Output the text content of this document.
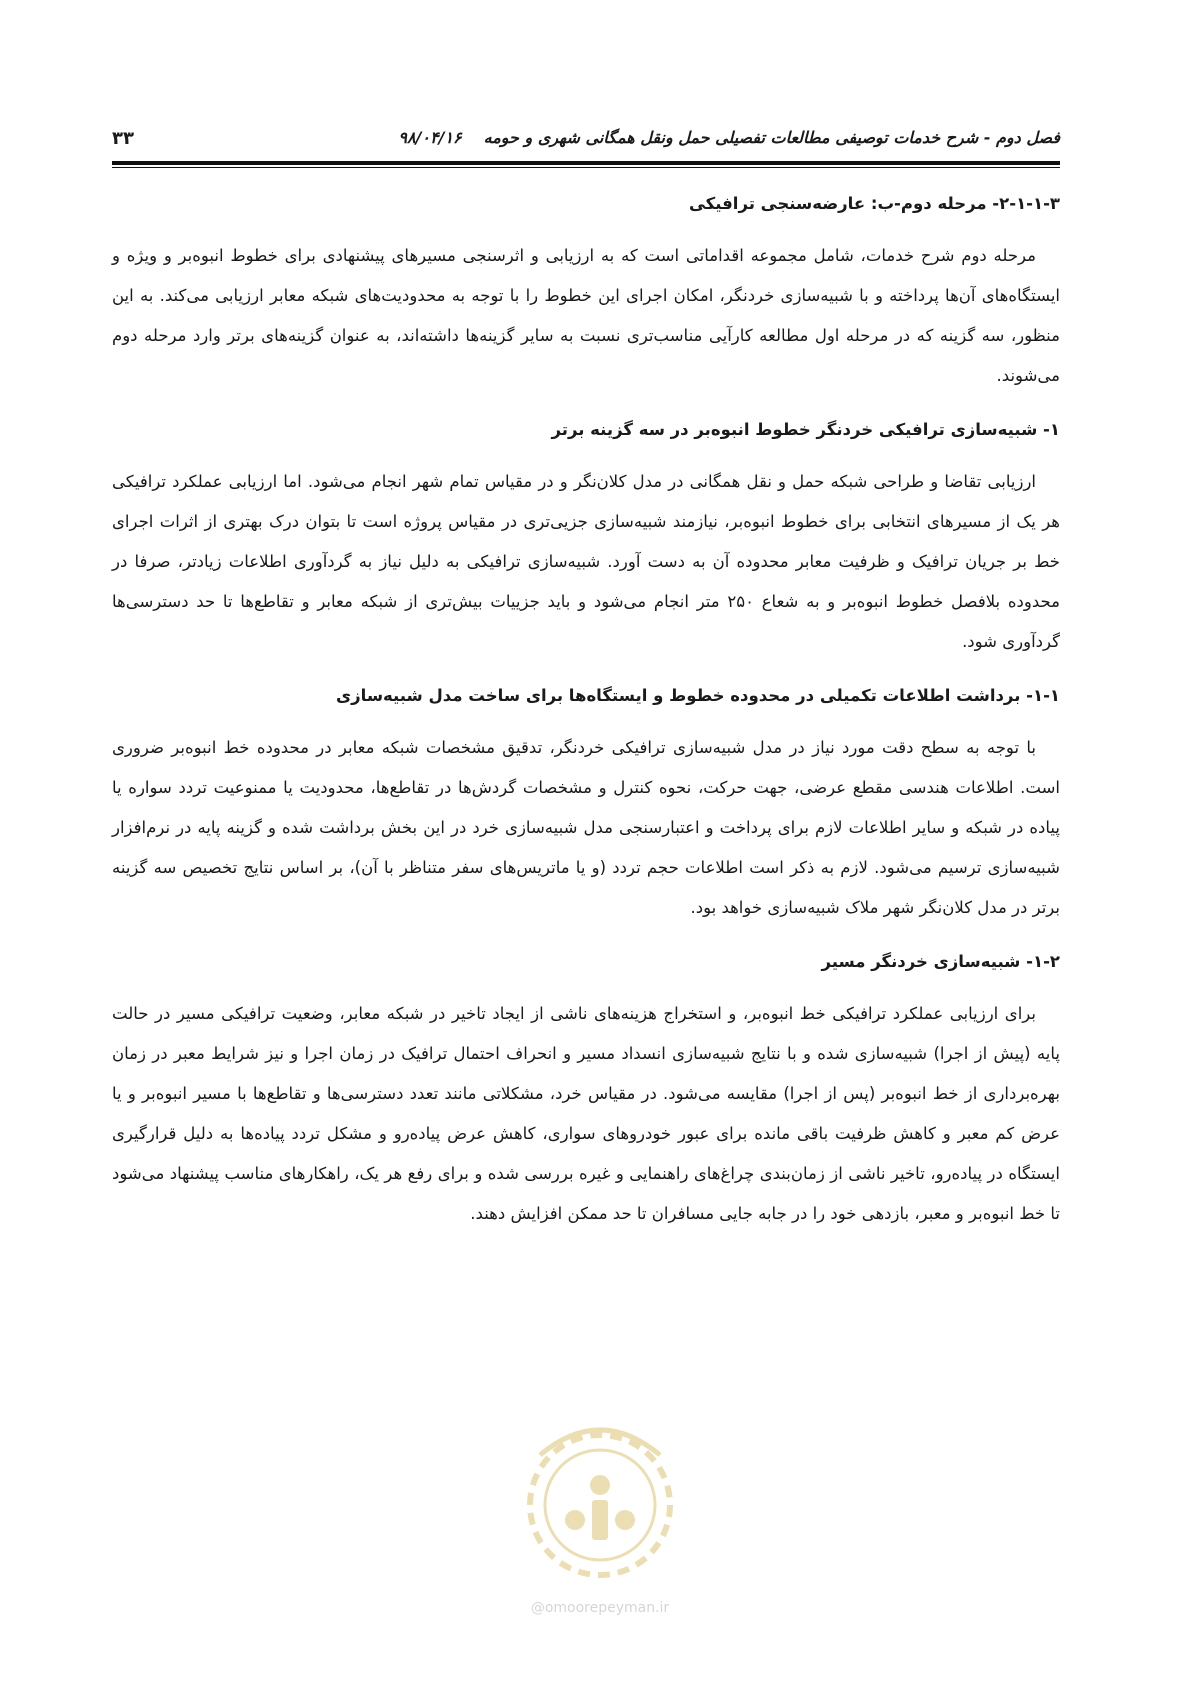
فصل دوم - شرح خدمات توصیفی مطالعات تفصیلی حمل ونقل همگانی شهری و حومه۹۸/۰۴/۱۶
۳۳
۲-۱-۱-۳- مرحله دوم-ب: عارضه‌سنجی ترافیکی

مرحله دوم شرح خدمات، شامل مجموعه اقداماتی است که به ارزیابی و اثرسنجی مسیرهای پیشنهادی برای خطوط انبوه‌بر و ویژه و ایستگاه‌های آن‌ها پرداخته و با شبیه‌سازی خردنگر، امکان اجرای این خطوط را با توجه به محدودیت‌های شبکه معابر ارزیابی می‌کند. به این منظور، سه گزینه که در مرحله اول مطالعه کارآیی مناسب‌تری نسبت به سایر گزینه‌ها داشته‌اند، به عنوان گزینه‌های برتر وارد مرحله دوم می‌شوند.

۱- شبیه‌سازی ترافیکی خردنگر خطوط انبوه‌بر در سه گزینه برتر

ارزیابی تقاضا و طراحی شبکه حمل و نقل همگانی در مدل کلان‌نگر و در مقیاس تمام شهر انجام می‌شود. اما ارزیابی عملکرد ترافیکی هر یک از مسیرهای انتخابی برای خطوط انبوه‌بر، نیازمند شبیه‌سازی جزیی‌تری در مقیاس پروژه است تا بتوان درک بهتری از اثرات اجرای خط بر جریان ترافیک و ظرفیت معابر محدوده آن به دست آورد. شبیه‌سازی ترافیکی به دلیل نیاز به گردآوری اطلاعات زیادتر، صرفا در محدوده بلافصل خطوط انبوه‌بر و به شعاع ۲۵۰ متر انجام می‌شود و باید جزییات بیش‌تری از شبکه معابر و تقاطع‌ها تا حد دسترسی‌ها گردآوری شود.

۱-۱- برداشت اطلاعات تکمیلی در محدوده خطوط و ایستگاه‌ها برای ساخت مدل شبیه‌سازی

با توجه به سطح دقت مورد نیاز در مدل شبیه‌سازی ترافیکی خردنگر، تدقیق مشخصات شبکه معابر در محدوده خط انبوه‌بر ضروری است. اطلاعات هندسی مقطع عرضی، جهت حرکت، نحوه کنترل و مشخصات گردش‌ها در تقاطع‌ها، محدودیت یا ممنوعیت تردد سواره یا پیاده در شبکه و سایر اطلاعات لازم برای پرداخت و اعتبارسنجی مدل شبیه‌سازی خرد در این بخش برداشت شده و گزینه پایه در نرم‌افزار شبیه‌سازی ترسیم می‌شود. لازم به ذکر است اطلاعات حجم تردد (و یا ماتریس‌های سفر متناظر با آن)، بر اساس نتایج تخصیص سه گزینه برتر در مدل کلان‌نگر شهر ملاک شبیه‌سازی خواهد بود.

۱-۲- شبیه‌سازی خردنگر مسیر

برای ارزیابی عملکرد ترافیکی خط انبوه‌بر، و استخراج هزینه‌های ناشی از ایجاد تاخیر در شبکه معابر، وضعیت ترافیکی مسیر در حالت پایه (پیش از اجرا) شبیه‌سازی شده و با نتایج شبیه‌سازی انسداد مسیر و انحراف احتمال ترافیک در زمان اجرا و نیز شرایط معبر در زمان بهره‌برداری از خط انبوه‌بر (پس از اجرا) مقایسه می‌شود. در مقیاس خرد، مشکلاتی مانند تعدد دسترسی‌ها و تقاطع‌ها با مسیر انبوه‌بر و یا عرض کم معبر و کاهش ظرفیت باقی مانده برای عبور خودروهای سواری، کاهش عرض پیاده‌رو و مشکل تردد پیاده‌ها به دلیل قرارگیری ایستگاه در پیاده‌رو، تاخیر ناشی از زمان‌بندی چراغ‌های راهنمایی و غیره بررسی شده و برای رفع هر یک، راهکارهای مناسب پیشنهاد می‌شود تا خط انبوه‌بر و معبر، بازدهی خود را در جابه جایی مسافران تا حد ممکن افزایش دهند.

@omoorepeyman.ir
